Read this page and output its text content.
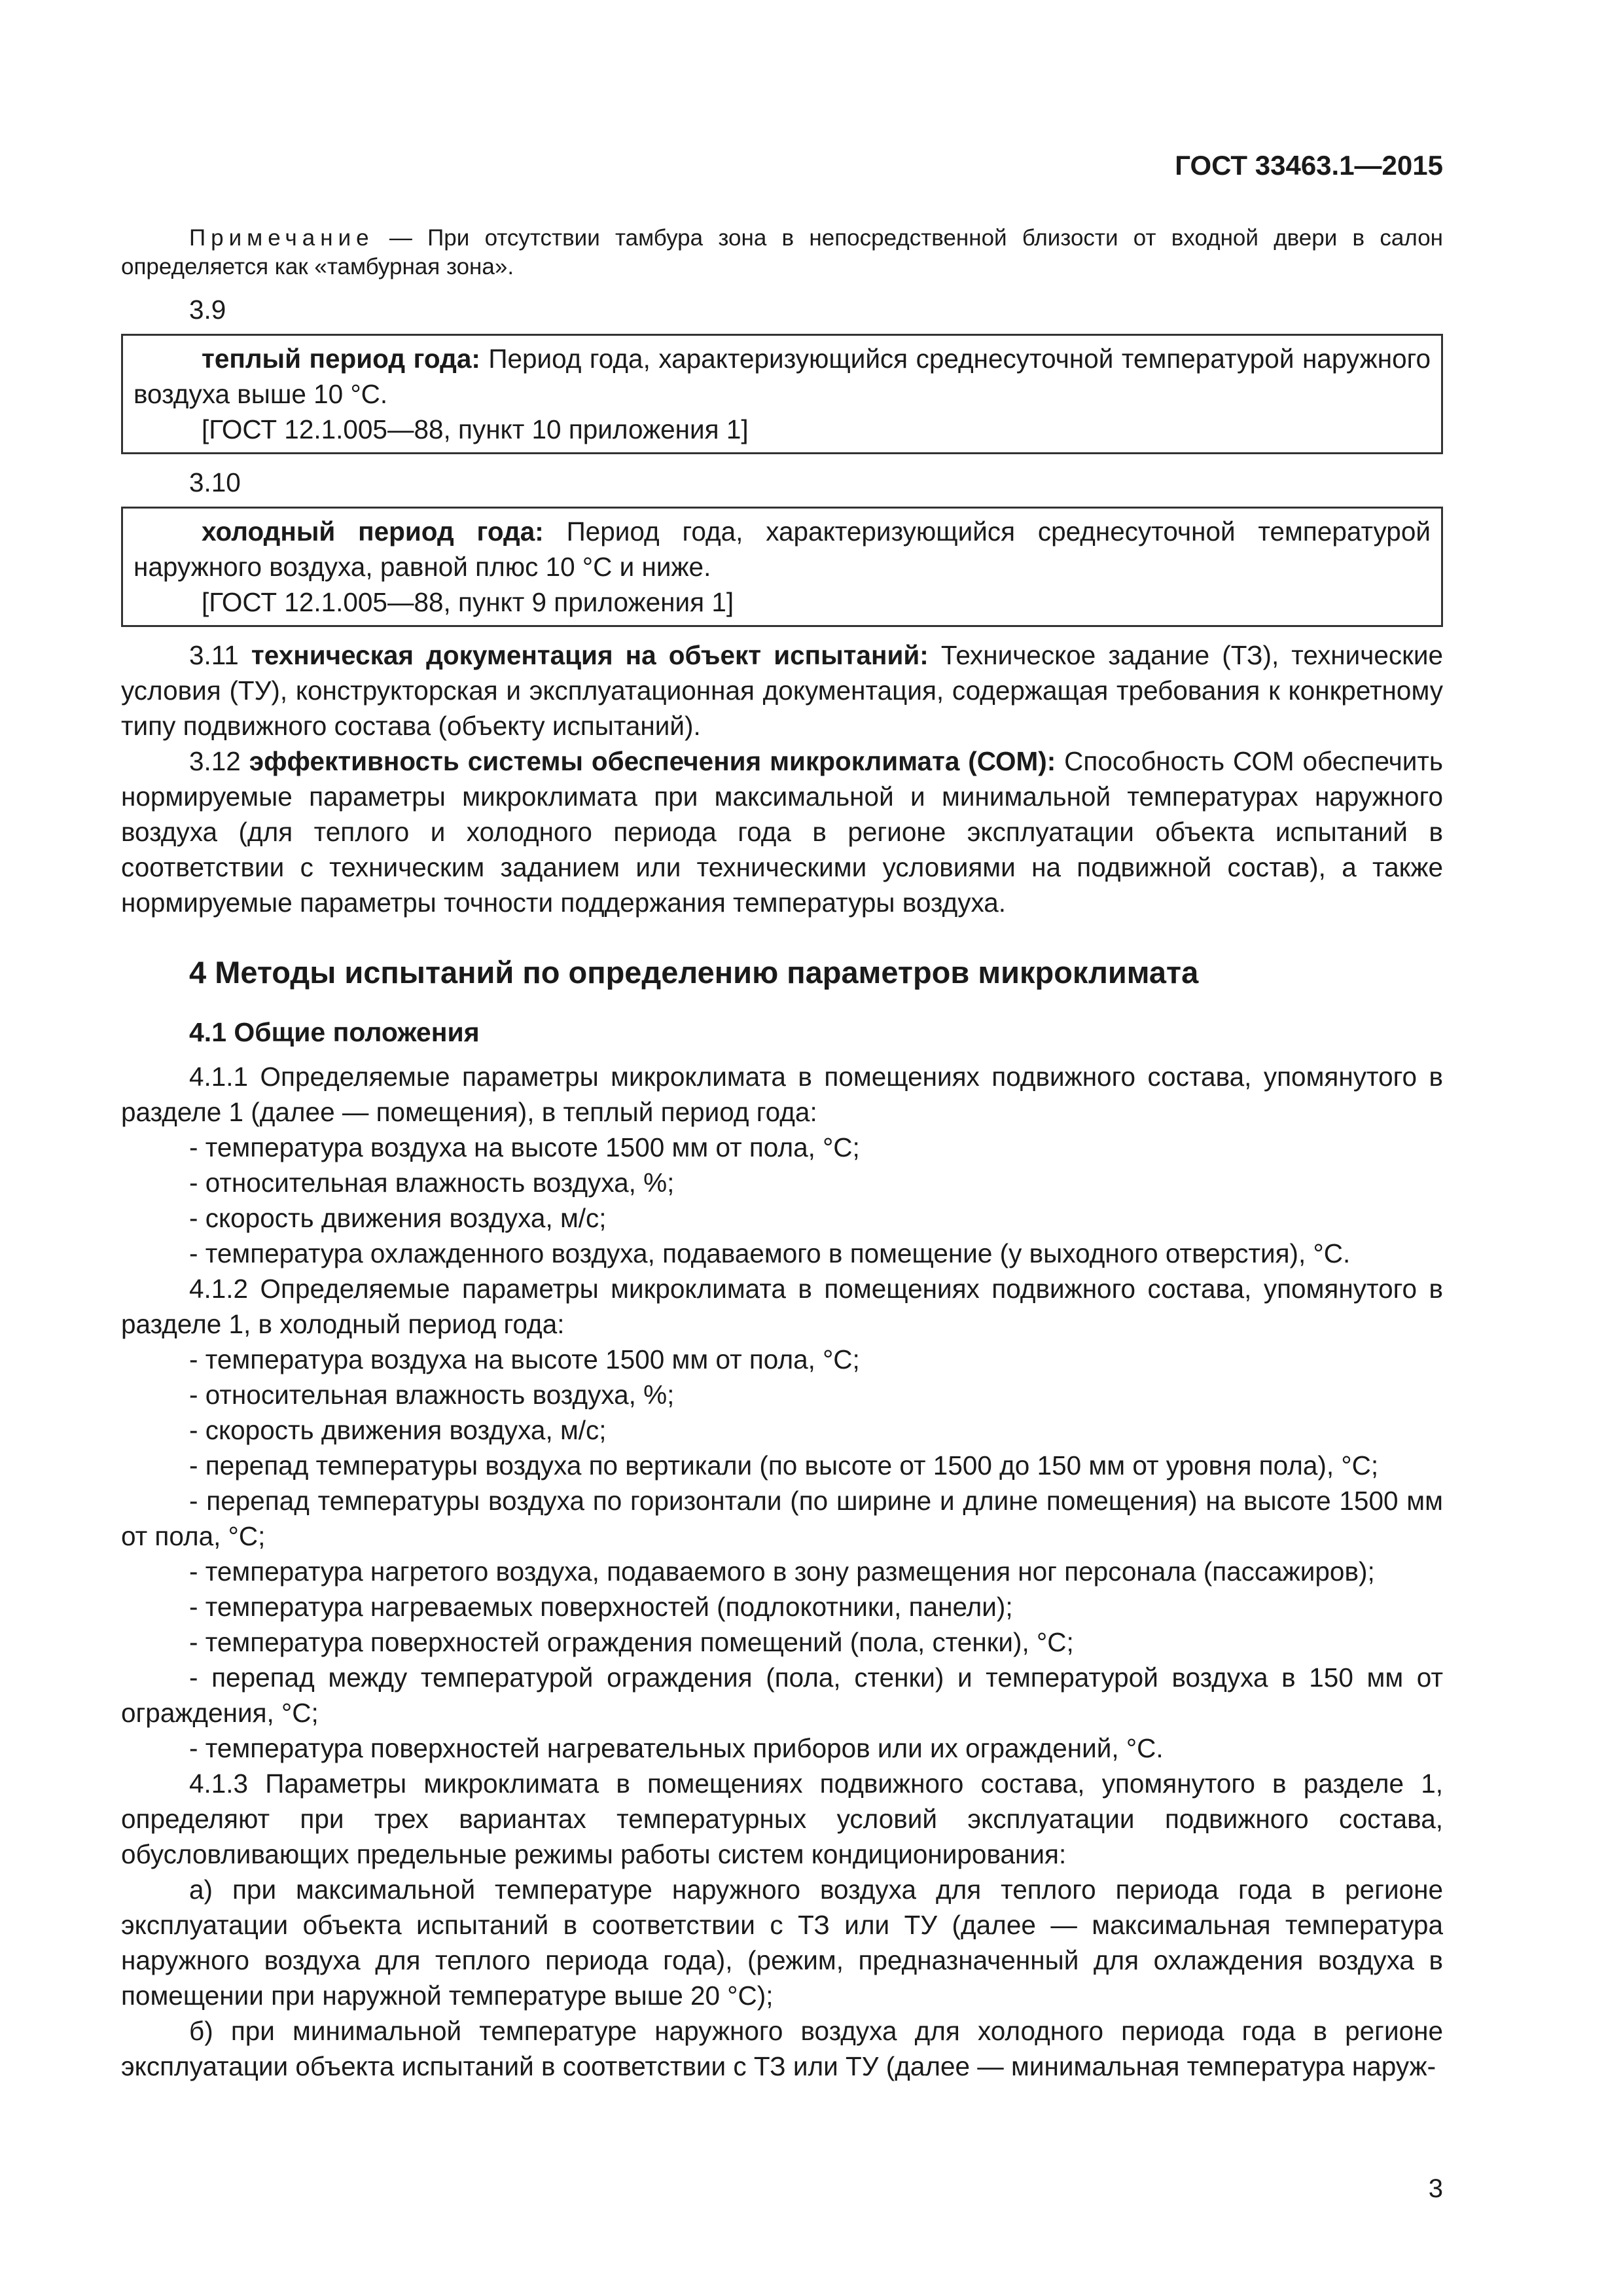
ГОСТ 33463.1—2015

Примечание — При отсутствии тамбура зона в непосредственной близости от входной двери в салон определяется как «тамбурная зона».

3.9

теплый период года: Период года, характеризующийся среднесуточной температурой наружного воздуха выше 10 °С.

[ГОСТ 12.1.005—88, пункт 10 приложения 1]

3.10

холодный период года: Период года, характеризующийся среднесуточной температурой наружного воздуха, равной плюс 10 °С и ниже.

[ГОСТ 12.1.005—88, пункт 9 приложения 1]

3.11 техническая документация на объект испытаний: Техническое задание (ТЗ), технические условия (ТУ), конструкторская и эксплуатационная документация, содержащая требования к конкретному типу подвижного состава (объекту испытаний).

3.12 эффективность системы обеспечения микроклимата (СОМ): Способность СОМ обеспечить нормируемые параметры микроклимата при максимальной и минимальной температурах наружного воздуха (для теплого и холодного периода года в регионе эксплуатации объекта испытаний в соответствии с техническим заданием или техническими условиями на подвижной состав), а также нормируемые параметры точности поддержания температуры воздуха.

4 Методы испытаний по определению параметров микроклимата
4.1 Общие положения

4.1.1 Определяемые параметры микроклимата в помещениях подвижного состава, упомянутого в разделе 1 (далее — помещения), в теплый период года:

- температура воздуха на высоте 1500 мм от пола, °С;

- относительная влажность воздуха, %;

- скорость движения воздуха, м/с;

- температура охлажденного воздуха, подаваемого в помещение (у выходного отверстия), °С.

4.1.2 Определяемые параметры микроклимата в помещениях подвижного состава, упомянутого в разделе 1, в холодный период года:

- температура воздуха на высоте 1500 мм от пола, °С;

- относительная влажность воздуха, %;

- скорость движения воздуха, м/с;

- перепад температуры воздуха по вертикали (по высоте от 1500 до 150 мм от уровня пола), °С;

- перепад температуры воздуха по горизонтали (по ширине и длине помещения) на высоте 1500 мм от пола, °С;

- температура нагретого воздуха, подаваемого в зону размещения ног персонала (пассажиров);

- температура нагреваемых поверхностей (подлокотники, панели);

- температура поверхностей ограждения помещений (пола, стенки), °С;

- перепад между температурой ограждения (пола, стенки) и температурой воздуха в 150 мм от ограждения, °С;

- температура поверхностей нагревательных приборов или их ограждений, °С.

4.1.3 Параметры микроклимата в помещениях подвижного состава, упомянутого в разделе 1, определяют при трех вариантах температурных условий эксплуатации подвижного состава, обусловливающих предельные режимы работы систем кондиционирования:

а) при максимальной температуре наружного воздуха для теплого периода года в регионе эксплуатации объекта испытаний в соответствии с ТЗ или ТУ (далее — максимальная температура наружного воздуха для теплого периода года), (режим, предназначенный для охлаждения воздуха в помещении при наружной температуре выше 20 °С);

б) при минимальной температуре наружного воздуха для холодного периода года в регионе эксплуатации объекта испытаний в соответствии с ТЗ или ТУ (далее — минимальная температура наруж-

3
